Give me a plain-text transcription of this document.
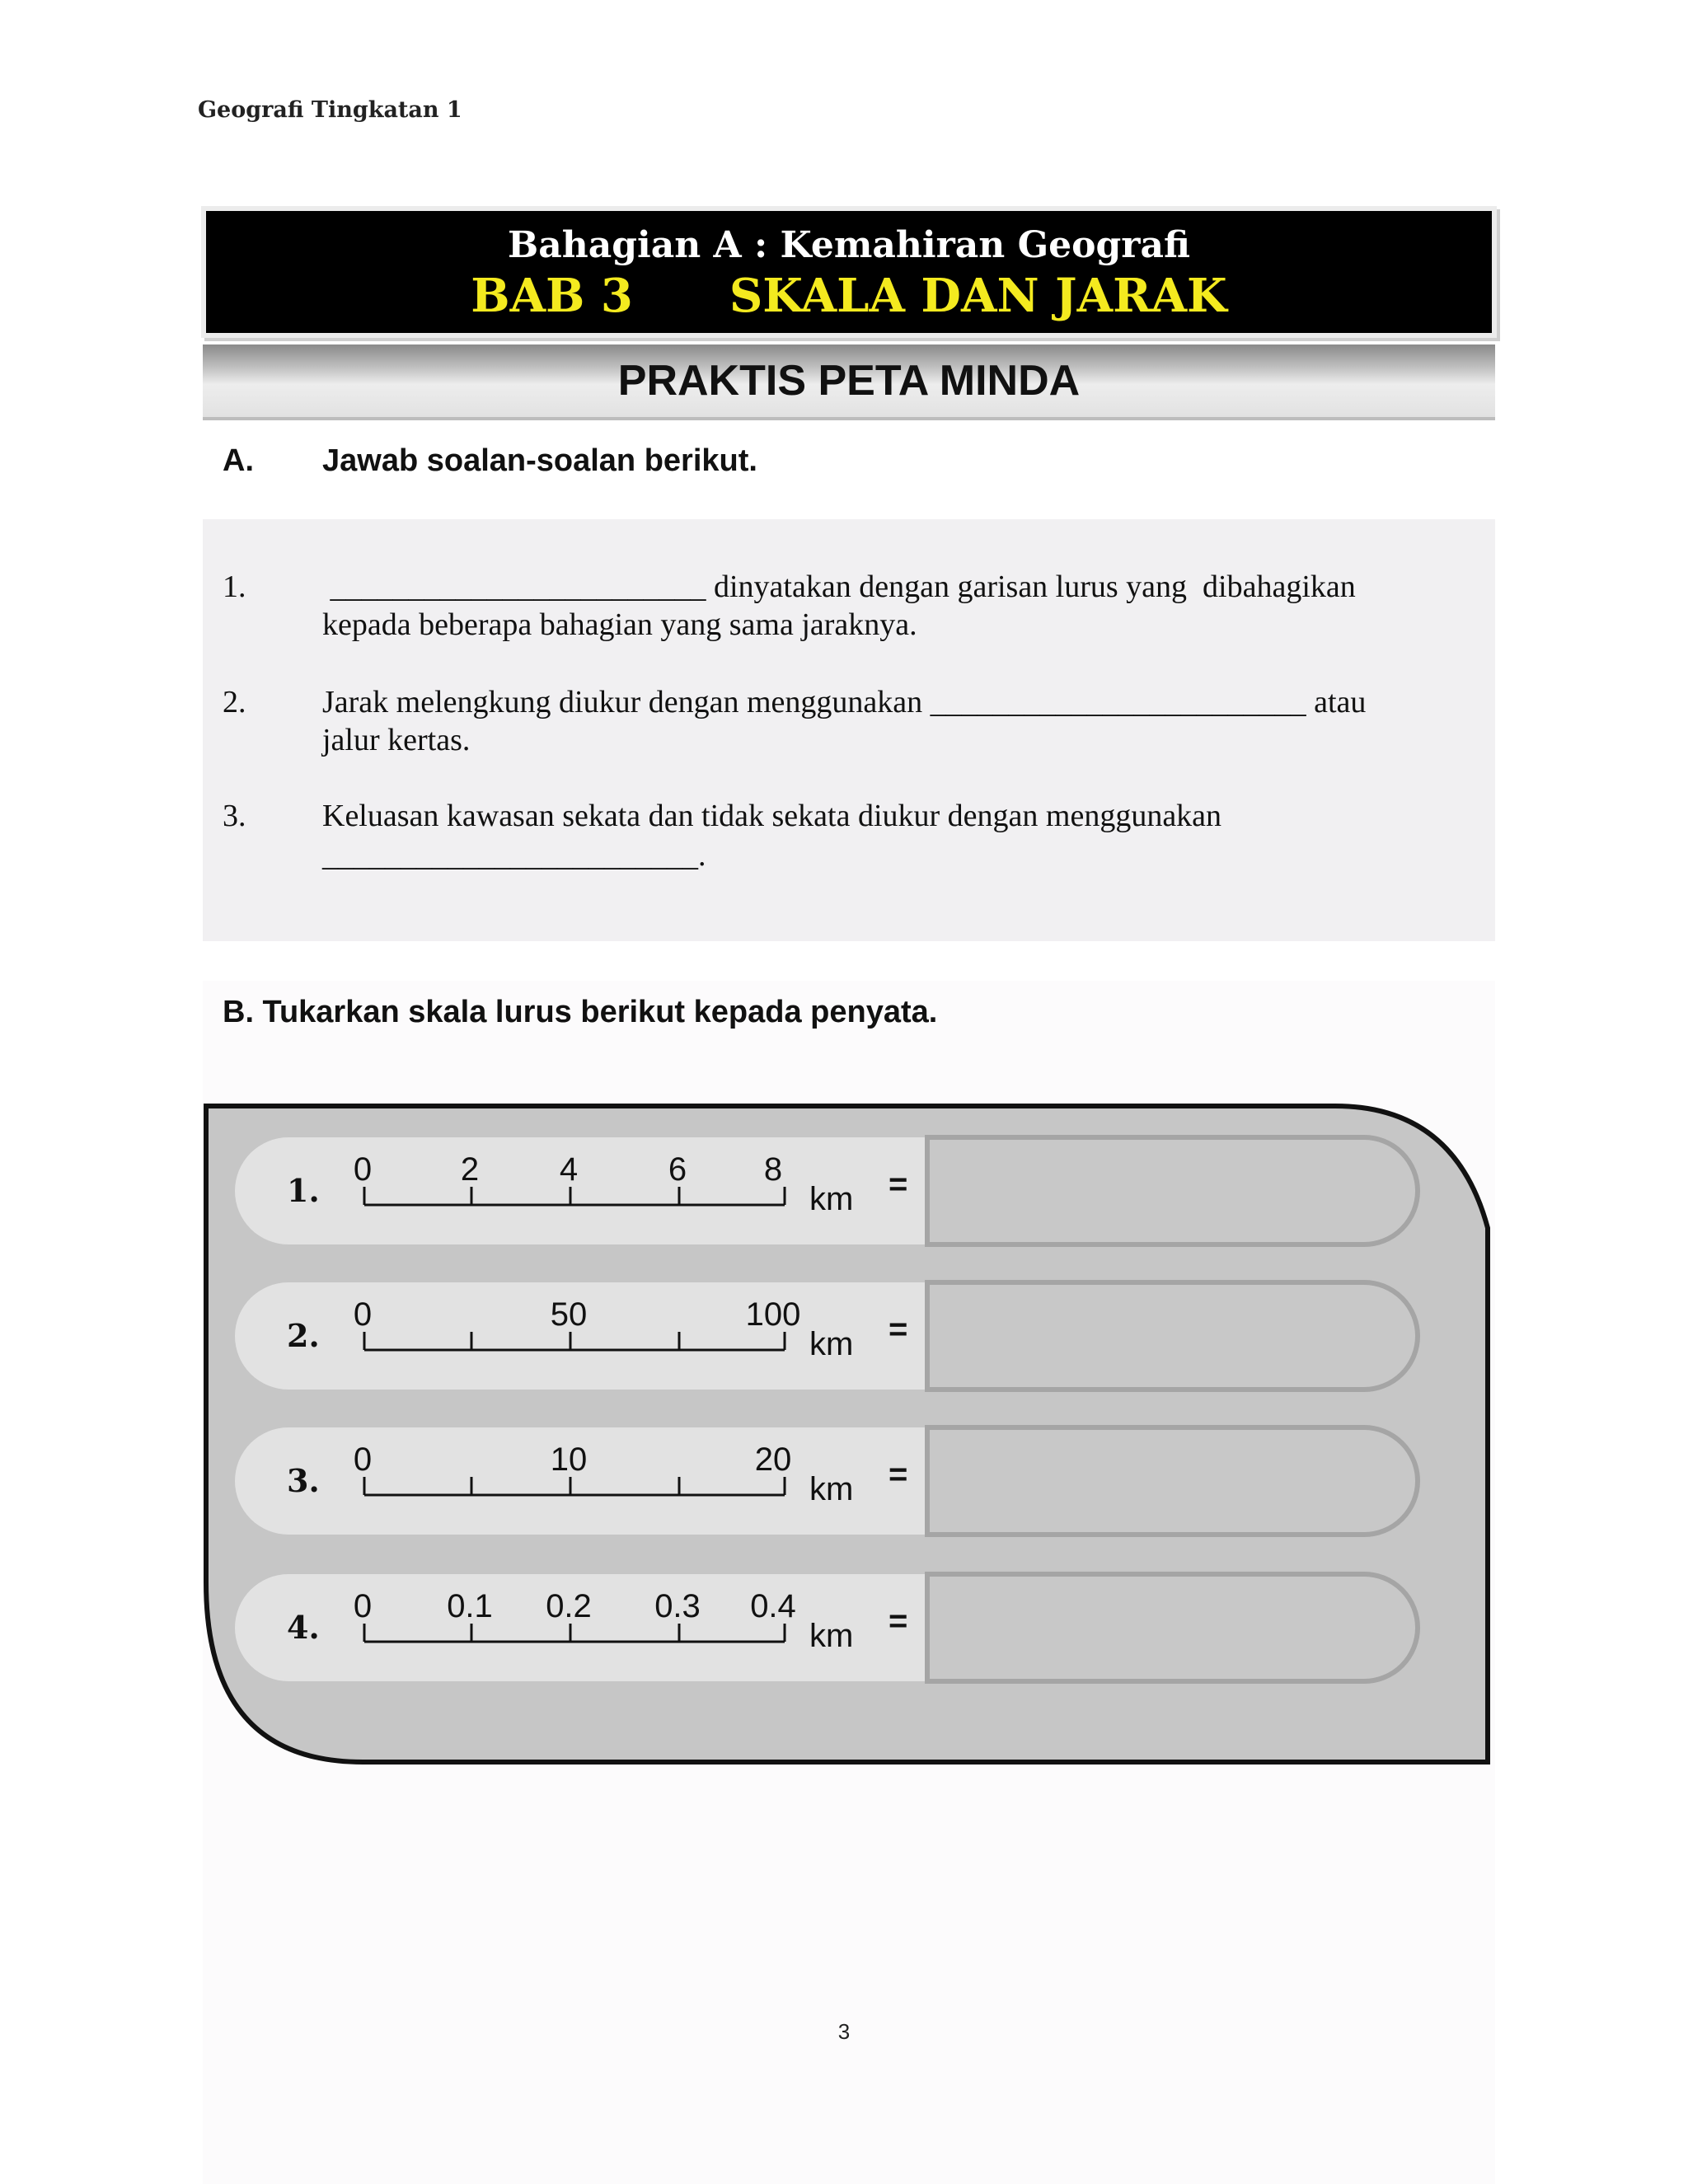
Geografi Tingkatan 1
Bahagian A : Kemahiran Geografi
BAB 3 SKALA DAN JARAK
PRAKTIS PETA MINDA
A. Jawab soalan-soalan berikut.
1. ________________________ dinyatakan dengan garisan lurus yang  dibahagikan
kepada beberapa bahagian yang sama jaraknya.
2. Jarak melengkung diukur dengan menggunakan ________________________ atau
jalur kertas.
3. Keluasan kawasan sekata dan tidak sekata diukur dengan menggunakan
________________________.
B. Tukarkan skala lurus berikut kepada penyata.
1.
0	2 4	6 8
km =
2.
0	50	100
km =
3.
0	10	20
km =
4.
0 0.1 0.2 0.3 0.4
km =
3
